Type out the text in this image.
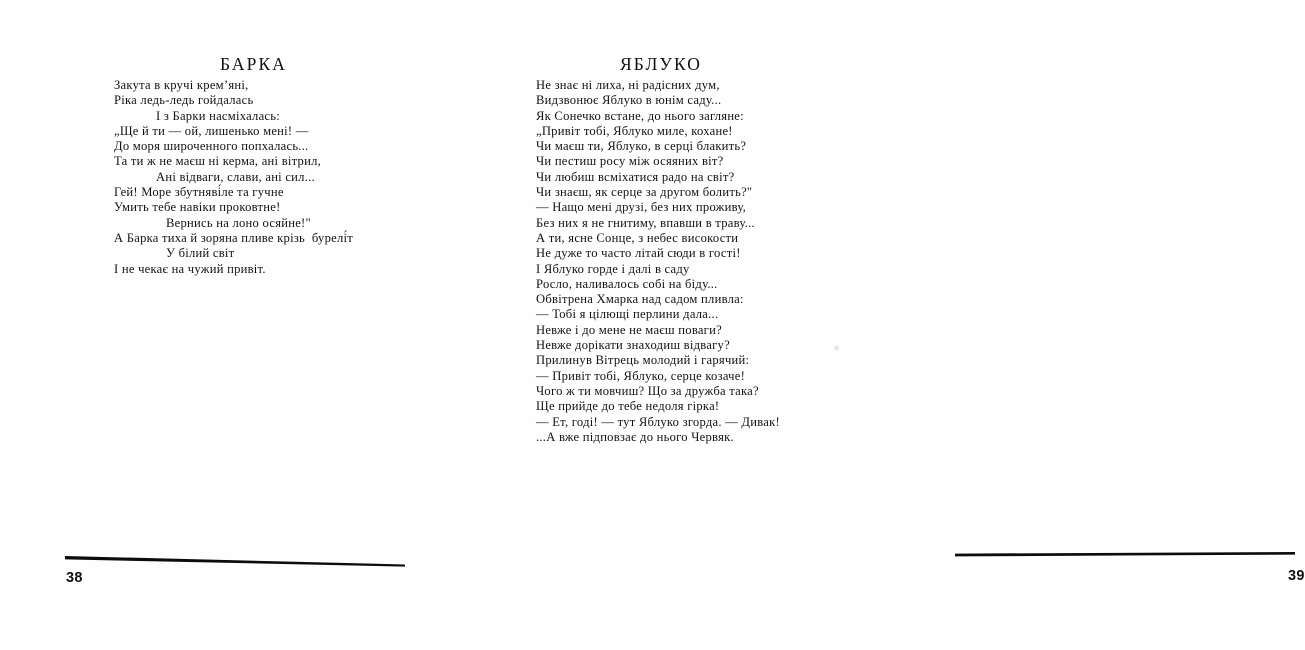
БАРКА
Закута в кручі крем’яні,
Ріка ледь-ледь гойдалась
І з Барки насміхалась:
„Ще й ти — ой, лишенько мені! —
До моря широченного попхалась...
Та ти ж не маєш ні керма, ані вітрил,
Ані відваги, слави, ані сил...
Гей! Море збутняві́ле та гучне
Умить тебе навіки проковтне!
Вернись на лоно осяйне!"
А Барка тиха й зоряна пливе крізь  бурелі́т
У білий світ
І не чекає на чужий привіт.
38
ЯБЛУКО
Не знає ні лиха, ні радісних дум,
Видзвонює Яблуко в юнім саду...
Як Сонечко встане, до нього загляне:
„Привіт тобі, Яблуко миле, кохане!
Чи маєш ти, Яблуко, в серці блакить?
Чи пестиш росу між осяяних віт?
Чи любиш всміхатися радо на світ?
Чи знаєш, як серце за другом болить?"
— Нащо мені друзі, без них проживу,
Без них я не гнитиму, впавши в траву...
А ти, ясне Сонце, з небес високости
Не дуже то часто літай сюди в гості!
І Яблуко горде і далі в саду
Росло, наливалось собі на біду...
Обвітрена Хмарка над садом пливла:
— Тобі я цілющі перлини дала...
Невже і до мене не маєш поваги?
Невже дорікати знаходиш відвагу?
Прилинув Вітрець молодий і гарячий:
— Привіт тобі, Яблуко, серце козаче!
Чого ж ти мовчиш? Що за дружба така?
Ще прийде до тебе недоля гірка!
— Ет, годі! — тут Яблуко згорда. — Дивак!
...А вже підповзає до нього Червяк.
39
